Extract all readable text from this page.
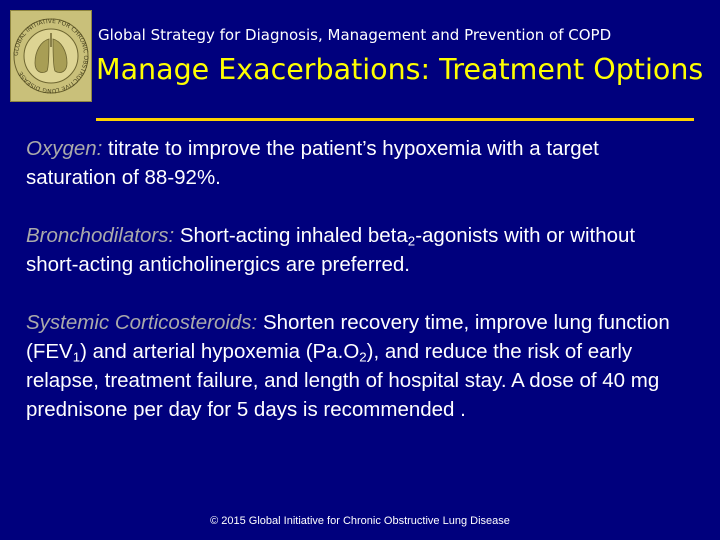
GLOBAL INITIATIVE FOR CHRONIC OBSTRUCTIVE LUNG DISEASE
Global Strategy for Diagnosis, Management and Prevention of COPD
Manage Exacerbations: Treatment Options

Oxygen: titrate to improve the patient’s hypoxemia with a target saturation of 88-92%.

Bronchodilators: Short-acting inhaled beta$_2$-agonists with or without short-acting anticholinergics are preferred.

Systemic Corticosteroids: Shorten recovery time, improve lung function $(FEV_1)$ and arterial hypoxemia $(Pa.O_2)$, and reduce the risk of early relapse, treatment failure, and length of hospital stay. A dose of 40 mg prednisone per day for 5 days is recommended .

© 2015 Global Initiative for Chronic Obstructive Lung Disease
